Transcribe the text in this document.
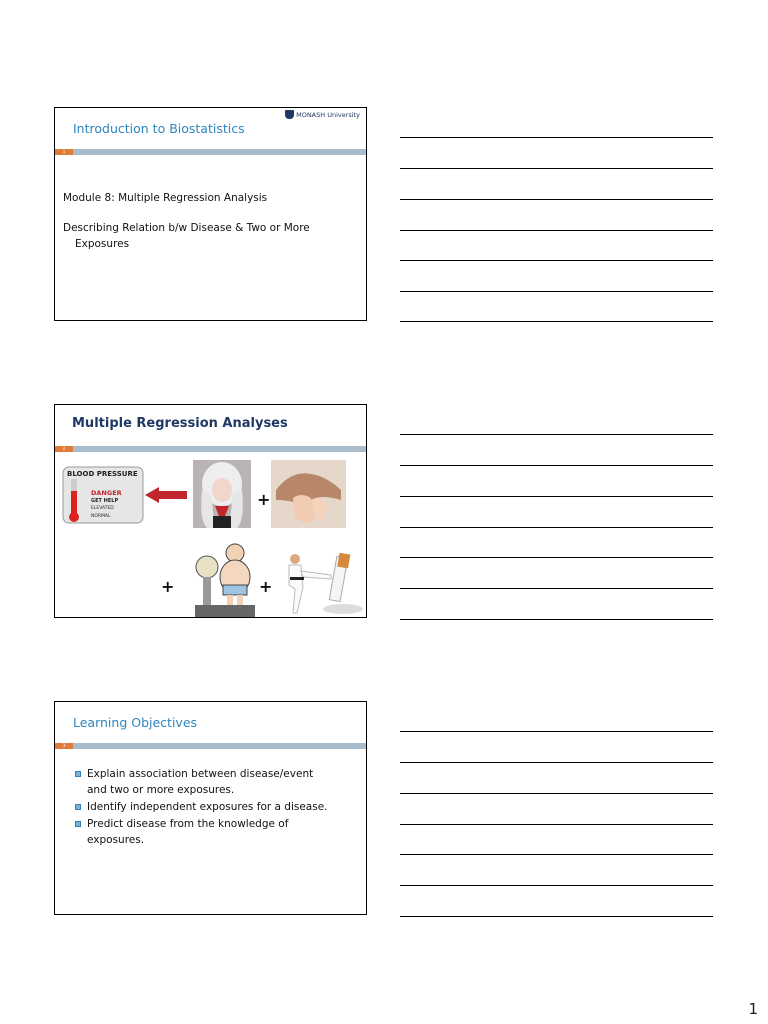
MONASH University
Introduction to Biostatistics
1
Module 8: Multiple Regression Analysis
Describing Relation b/w Disease & Two or More
Exposures
Multiple Regression Analyses
2
BLOOD PRESSURE
DANGER
GET HELP
ELEVATED
NORMAL
+
+	+
Learning Objectives
3
Explain association between disease/event
and two or more exposures.
Identify independent exposures for a disease.
Predict disease from the knowledge of
exposures.
1
